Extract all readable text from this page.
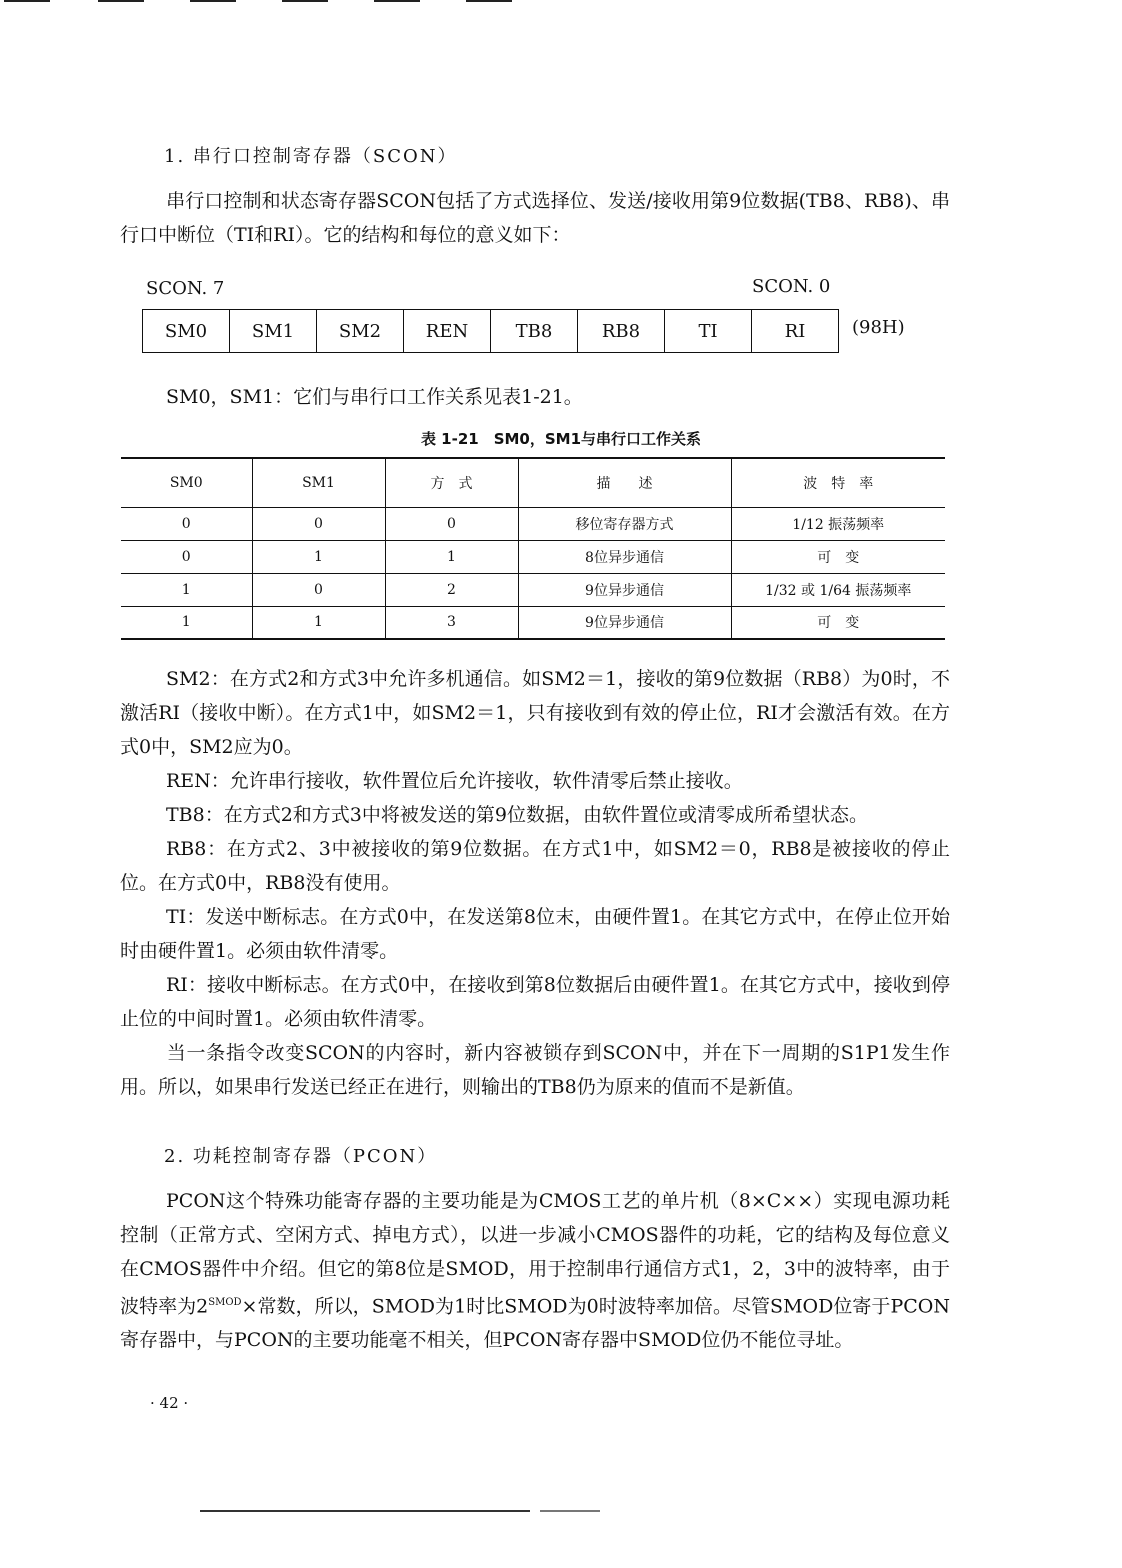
1. 串行口控制寄存器（SCON）
串行口控制和状态寄存器SCON包括了方式选择位、发送/接收用第9位数据(TB8、RB8)、串行口中断位（TI和RI）。它的结构和每位的意义如下：
SCON. 7	SCON. 0
SM0	SM1	SM2	REN	TB8	RB8	TI	RI	(98H)
SM0，SM1：它们与串行口工作关系见表1-21。
表 1-21　SM0，SM1与串行口工作关系
SM0	SM1	方　式	描　　述	波　特　率
0	0	0	移位寄存器方式	1/12 振荡频率
0	1	1	8位异步通信	可　变
1	0	2	9位异步通信	1/32 或 1/64 振荡频率
1	1	3	9位异步通信	可　变
SM2：在方式2和方式3中允许多机通信。如SM2＝1，接收的第9位数据（RB8）为0时，不激活RI（接收中断）。在方式1中，如SM2＝1，只有接收到有效的停止位，RI才会激活有效。在方式0中，SM2应为0。
REN：允许串行接收，软件置位后允许接收，软件清零后禁止接收。
TB8：在方式2和方式3中将被发送的第9位数据，由软件置位或清零成所希望状态。
RB8：在方式2、3中被接收的第9位数据。在方式1中，如SM2＝0，RB8是被接收的停止位。在方式0中，RB8没有使用。
TI：发送中断标志。在方式0中，在发送第8位末，由硬件置1。在其它方式中，在停止位开始时由硬件置1。必须由软件清零。
RI：接收中断标志。在方式0中，在接收到第8位数据后由硬件置1。在其它方式中，接收到停止位的中间时置1。必须由软件清零。
当一条指令改变SCON的内容时，新内容被锁存到SCON中，并在下一周期的S1P1发生作用。所以，如果串行发送已经正在进行，则输出的TB8仍为原来的值而不是新值。
2. 功耗控制寄存器（PCON）
PCON这个特殊功能寄存器的主要功能是为CMOS工艺的单片机（8×C××）实现电源功耗控制（正常方式、空闲方式、掉电方式），以进一步减小CMOS器件的功耗，它的结构及每位意义在CMOS器件中介绍。但它的第8位是SMOD，用于控制串行通信方式1，2，3中的波特率，由于波特率为$2^{SMOD}\times$常数，所以，SMOD为1时比SMOD为0时波特率加倍。尽管SMOD位寄于PCON寄存器中，与PCON的主要功能毫不相关，但PCON寄存器中SMOD位仍不能位寻址。
· 42 ·
